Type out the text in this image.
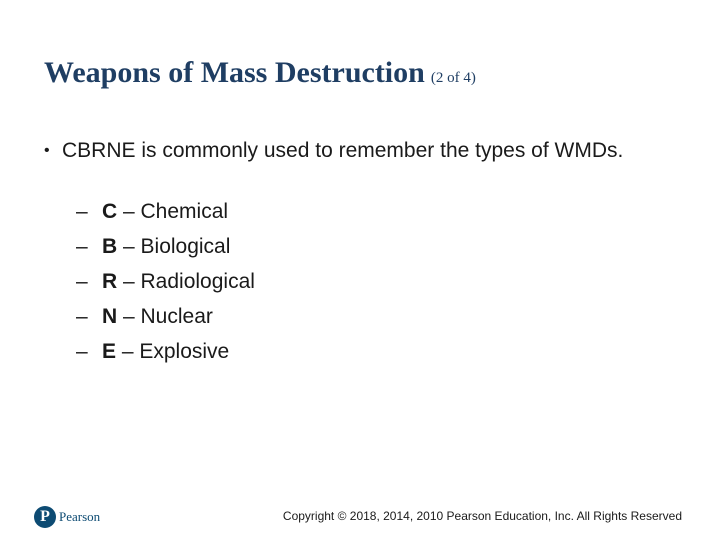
Weapons of Mass Destruction (2 of 4)
• CBRNE is commonly used to remember the types of WMDs.
– C – Chemical
– B – Biological
– R – Radiological
– N – Nuclear
– E – Explosive
P Pearson	Copyright © 2018, 2014, 2010 Pearson Education, Inc. All Rights Reserved
